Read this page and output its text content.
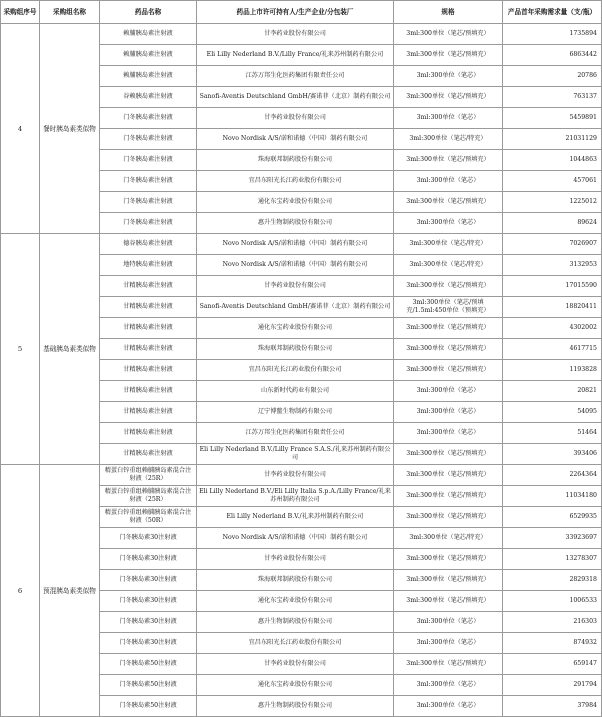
采购组序号	采购组名称	药品名称	药品上市许可持有人/生产企业/分包装厂	规格	产品首年采购需求量（支/瓶）
4	餐时胰岛素类似物	赖脯胰岛素注射液	甘李药业股份有限公司	3ml:300单位（笔芯/预填充）	1735894
		赖脯胰岛素注射液	Eli Lilly Nederland B.V./Lilly France/礼来苏州制药有限公司	3ml:300单位（笔芯/预填充）	6863442
		赖脯胰岛素注射液	江苏万邦生化医药集团有限责任公司	3ml:300单位（笔芯）	20786
		谷赖胰岛素注射液	Sanofi-Aventis Deutschland GmbH/赛诺菲（北京）制药有限公司	3ml:300单位（笔芯/预填充）	763137
		门冬胰岛素注射液	甘李药业股份有限公司	3ml:300单位（笔芯）	5459891
		门冬胰岛素注射液	Novo Nordisk A/S/诺和诺德（中国）制药有限公司	3ml:300单位（笔芯/特充）	21031129
		门冬胰岛素注射液	珠海联邦制药股份有限公司	3ml:300单位（笔芯/预填充）	1044863
		门冬胰岛素注射液	宜昌东阳光长江药业股份有限公司	3ml:300单位（笔芯）	457061
		门冬胰岛素注射液	通化东宝药业股份有限公司	3ml:300单位（笔芯/预填充）	1225012
		门冬胰岛素注射液	惠升生物制药股份有限公司	3ml:300单位（笔芯）	89624
5	基础胰岛素类似物	德谷胰岛素注射液	Novo Nordisk A/S/诺和诺德（中国）制药有限公司	3ml:300单位（笔芯/特充）	7026907
		地特胰岛素注射液	Novo Nordisk A/S/诺和诺德（中国）制药有限公司	3ml:300单位（笔芯/特充）	3132953
		甘精胰岛素注射液	甘李药业股份有限公司	3ml:300单位（笔芯/预填充）	17015590
		甘精胰岛素注射液	Sanofi-Aventis Deutschland GmbH/赛诺菲（北京）制药有限公司	3ml:300单位（笔芯/预填充/1.5ml:450单位（预填充）	18820411
		甘精胰岛素注射液	通化东宝药业股份有限公司	3ml:300单位（笔芯/预填充）	4302002
		甘精胰岛素注射液	珠海联邦制药股份有限公司	3ml:300单位（笔芯/预填充）	4617715
		甘精胰岛素注射液	宜昌东阳光长江药业股份有限公司	3ml:300单位（笔芯/预填充）	1193828
		甘精胰岛素注射液	山东新时代药业有限公司	3ml:300单位（笔芯）	20821
		甘精胰岛素注射液	辽宁博鳌生物制药有限公司	3ml:300单位（笔芯）	54095
		甘精胰岛素注射液	江苏万邦生化医药集团有限责任公司	3ml:300单位（笔芯）	51464
		甘精胰岛素注射液	Eli Lilly Nederland B.V./Lilly France S.A.S./礼来苏州制药有限公司	3ml:300单位（笔芯/预填充）	393406
6	预混胰岛素类似物	精蛋白锌重组赖脯胰岛素混合注射液（25R）	甘李药业股份有限公司	3ml:300单位（笔芯/预填充）	2264364
		精蛋白锌重组赖脯胰岛素混合注射液（25R）	Eli Lilly Nederland B.V./Eli Lilly Italia S.p.A./Lilly France/礼来苏州制药有限公司	3ml:300单位（笔芯/预填充）	11034180
		精蛋白锌重组赖脯胰岛素混合注射液（50R）	Eli Lilly Nederland B.V./礼来苏州制药有限公司	3ml:300单位（笔芯/预填充）	6529935
		门冬胰岛素30注射液	Novo Nordisk A/S/诺和诺德（中国）制药有限公司	3ml:300单位（笔芯/特充）	33923697
		门冬胰岛素30注射液	甘李药业股份有限公司	3ml:300单位（笔芯/预填充）	13278307
		门冬胰岛素30注射液	珠海联邦制药股份有限公司	3ml:300单位（笔芯/预填充）	2829318
		门冬胰岛素30注射液	通化东宝药业股份有限公司	3ml:300单位（笔芯/预填充）	1006533
		门冬胰岛素30注射液	惠升生物制药股份有限公司	3ml:300单位（笔芯）	216303
		门冬胰岛素30注射液	宜昌东阳光长江药业股份有限公司	3ml:300单位（笔芯）	874932
		门冬胰岛素50注射液	甘李药业股份有限公司	3ml:300单位（笔芯/预填充）	659147
		门冬胰岛素50注射液	通化东宝药业股份有限公司	3ml:300单位（笔芯）	291794
		门冬胰岛素50注射液	惠升生物制药股份有限公司	3ml:300单位（笔芯）	37984
